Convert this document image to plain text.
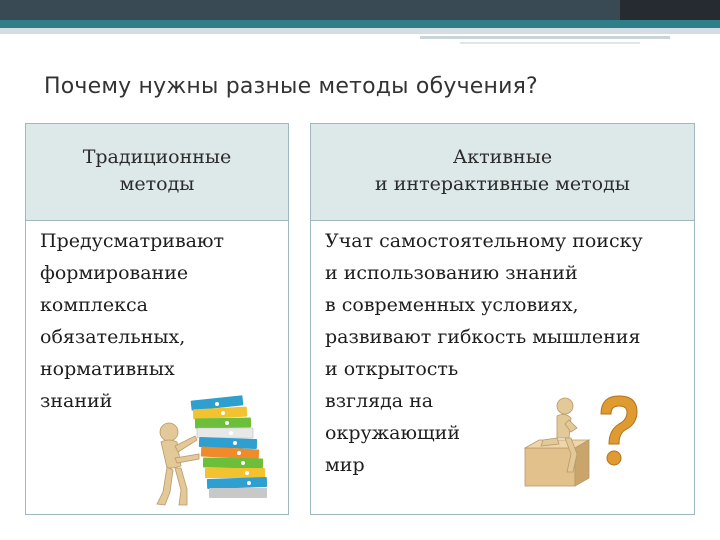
Почему нужны разные методы обучения?
Традиционные
методы
Предусматривают
формирование
комплекса
обязательных,
нормативных
знаний
Активные
и интерактивные методы
Учат самостоятельному поиску
и использованию знаний
в современных условиях,
развивают гибкость мышления
и открытость
взгляда на
окружающий
мир
